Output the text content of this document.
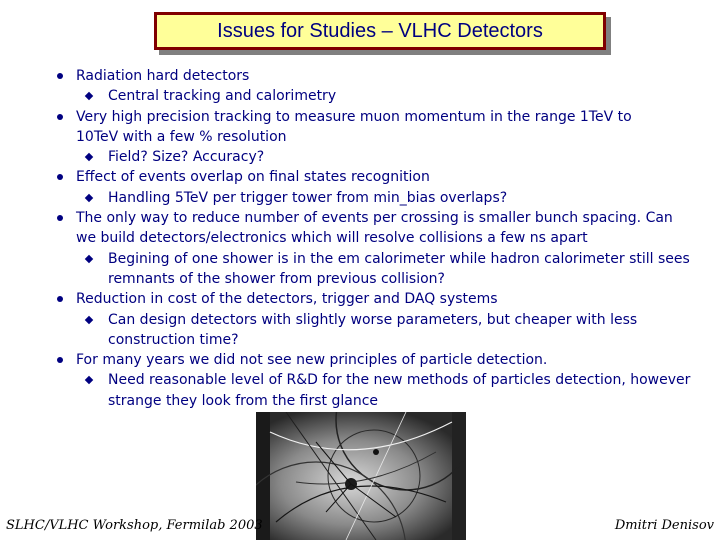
Issues for Studies – VLHC Detectors
Radiation hard detectors
Central tracking and calorimetry
Very high precision tracking to measure muon momentum in the range 1TeV to 10TeV with a few % resolution
Field? Size? Accuracy?
Effect of events overlap on final states recognition
Handling 5TeV per trigger tower from min_bias overlaps?
The only way to reduce number of events per crossing is smaller bunch spacing. Can we build detectors/electronics which will resolve collisions a few ns apart
Begining of one shower is in the em calorimeter while hadron calorimeter still sees remnants of the shower from previous collision?
Reduction in cost of the detectors, trigger and DAQ systems
Can design detectors with slightly worse parameters, but cheaper with less construction time?
For many years we did not see new principles of particle detection.
Need reasonable level of R&D for the new methods of particles detection, however strange they look from the first glance
SLHC/VLHC Workshop, Fermilab 2003	Dmitri Denisov
